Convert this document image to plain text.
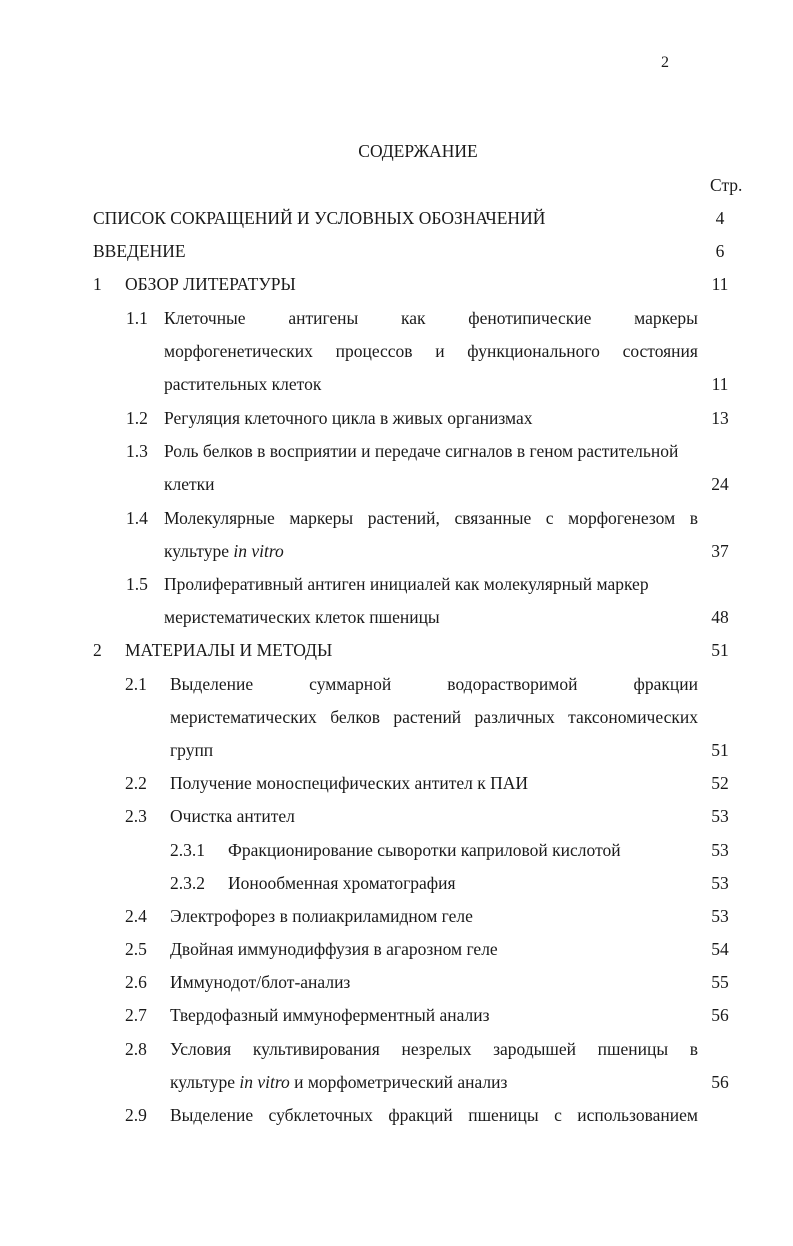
2
СОДЕРЖАНИЕ
Стр.
СПИСОК СОКРАЩЕНИЙ И УСЛОВНЫХ ОБОЗНАЧЕНИЙ	4
ВВЕДЕНИЕ	6
1 ОБЗОР ЛИТЕРАТУРЫ	11
1.1 Клеточные антигены как фенотипические маркеры
морфогенетических процессов и функционального состояния
растительных клеток	11
1.2 Регуляция клеточного цикла в живых организмах	13
1.3 Роль белков в восприятии и передаче сигналов в геном растительной
клетки	24
1.4 Молекулярные маркеры растений, связанные с морфогенезом в
культуре in vitro	37
1.5 Пролиферативный антиген инициалей как молекулярный маркер
меристематических клеток пшеницы	48
2 МАТЕРИАЛЫ И МЕТОДЫ	51
2.1 Выделение	суммарной	водорастворимой	фракции
меристематических белков растений различных таксономических
групп	51
2.2 Получение моноспецифических антител к ПАИ	52
2.3 Очистка антител	53
2.3.1 Фракционирование сыворотки каприловой кислотой	53
2.3.2 Ионообменная хроматография	53
2.4 Электрофорез в полиакриламидном геле	53
2.5 Двойная иммунодиффузия в агарозном геле	54
2.6 Иммунодот/блот-анализ	55
2.7 Твердофазный иммуноферментный анализ	56
2.8 Условия культивирования незрелых зародышей пшеницы в
культуре in vitro и морфометрический анализ	56
2.9 Выделение субклеточных фракций пшеницы с использованием
